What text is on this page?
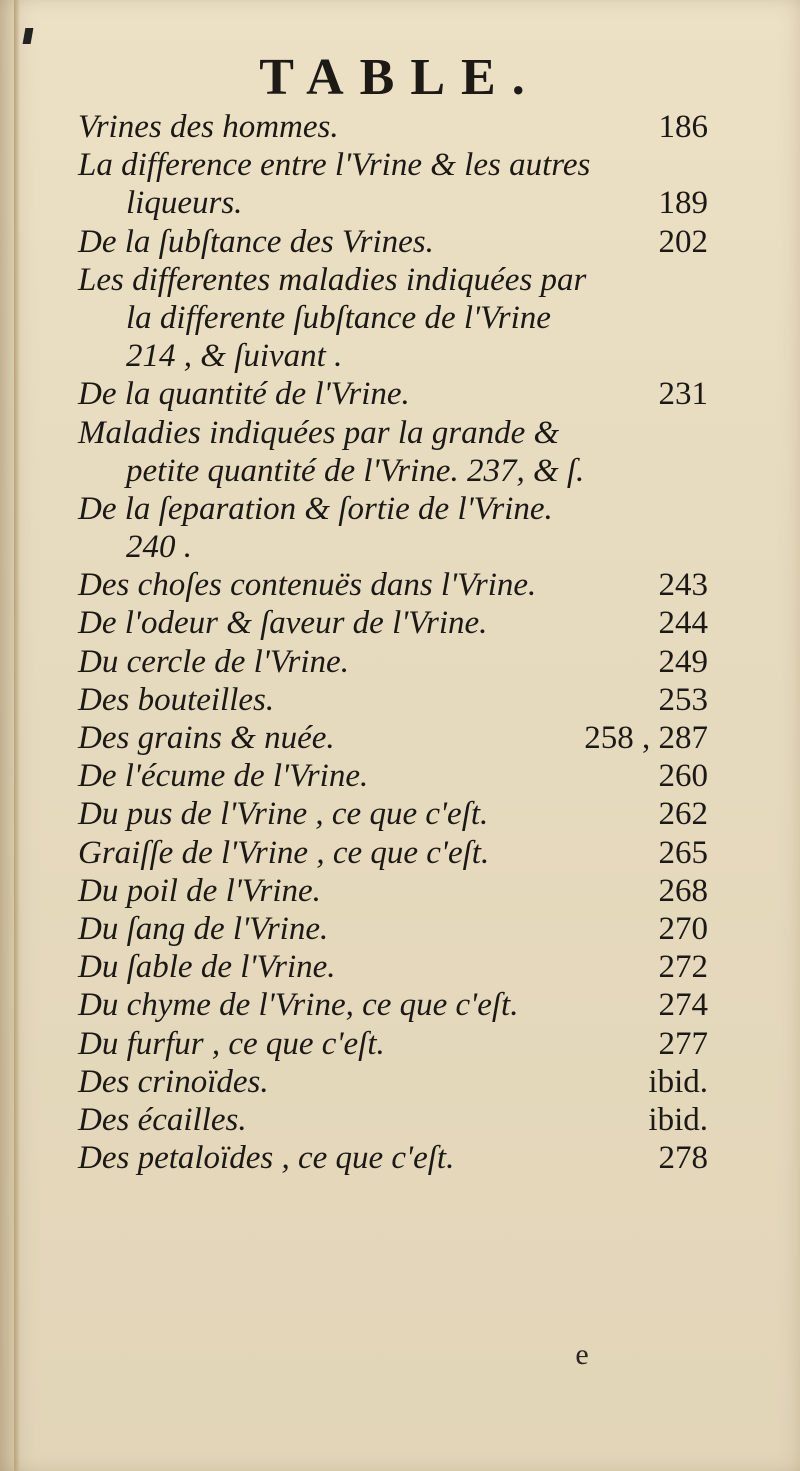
TABLE.
Vrines des hommes.	186
La difference entre l'Vrine & les autres
liqueurs.	189
De la ſubſtance des Vrines.	202
Les differentes maladies indiquées par
la differente ſubſtance de l'Vrine
214 , & ſuivant .
De la quantité de l'Vrine.	231
Maladies indiquées par la grande &
petite quantité de l'Vrine. 237, & ſ.
De la ſeparation & ſortie de l'Vrine.
240 .
Des choſes contenuës dans l'Vrine.	243
De l'odeur & ſaveur de l'Vrine.	244
Du cercle de l'Vrine.	249
Des bouteilles.	253
Des grains & nuée.	258 , 287
De l'écume de l'Vrine.	260
Du pus de l'Vrine , ce que c'eſt.	262
Graiſſe de l'Vrine , ce que c'eſt.	265
Du poil de l'Vrine.	268
Du ſang de l'Vrine.	270
Du ſable de l'Vrine.	272
Du chyme de l'Vrine, ce que c'eſt.	274
Du furfur , ce que c'eſt.	277
Des crinoïdes.	ibid.
Des écailles.	ibid.
Des petaloïdes , ce que c'eſt.	278
e
